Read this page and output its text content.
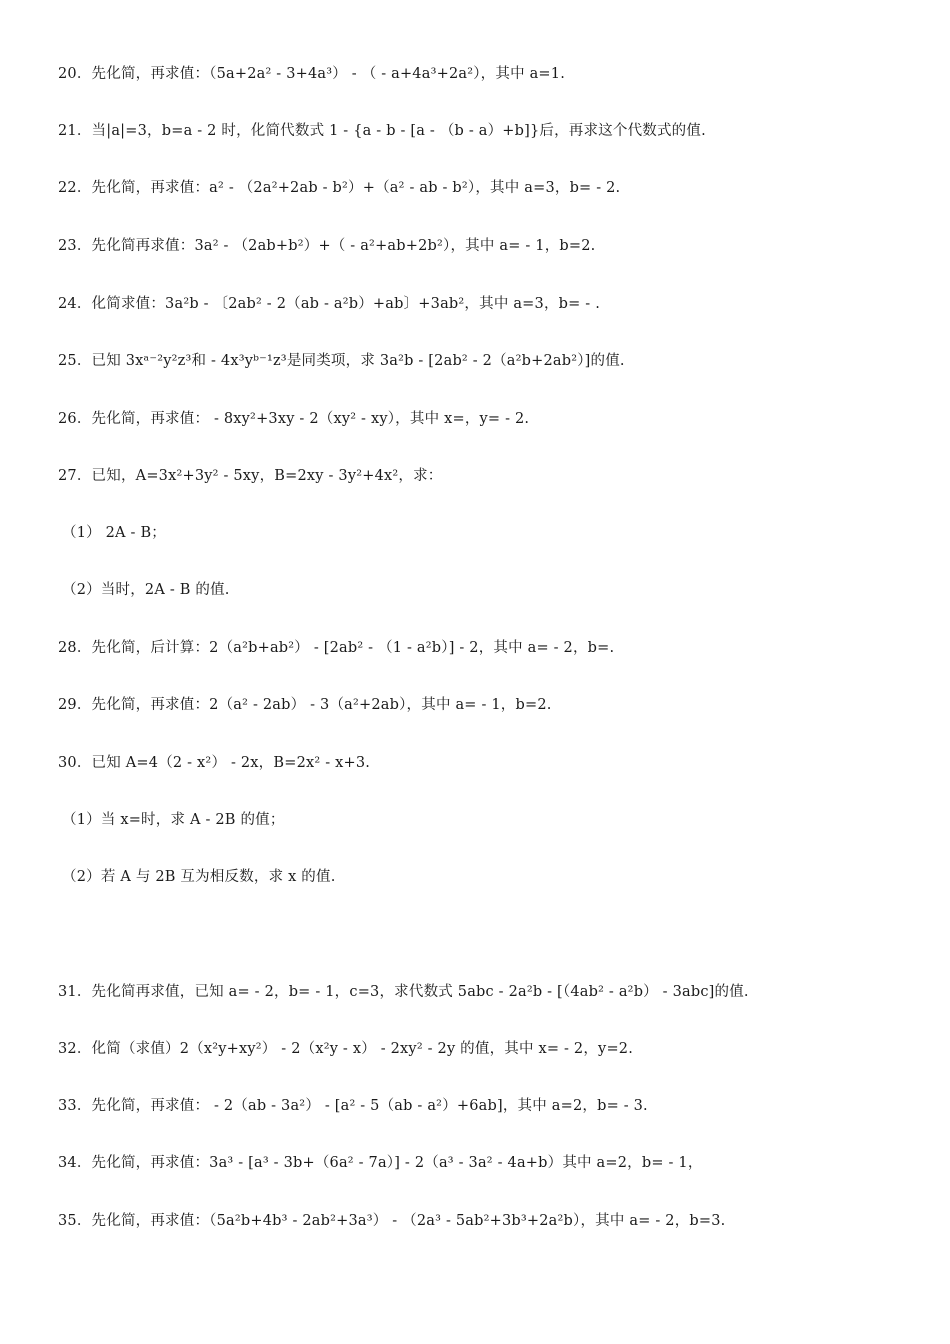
20．先化简，再求值：（5a+2a² - 3+4a³） - （ - a+4a³+2a²），其中 a=1.
21．当|a|=3，b=a - 2 时，化简代数式 1 - {a - b - [a - （b - a）+b]}后，再求这个代数式的值.
22．先化简，再求值：a² - （2a²+2ab - b²）+（a² - ab - b²），其中 a=3，b= - 2.
23．先化简再求值：3a² - （2ab+b²）+（ - a²+ab+2b²），其中 a= - 1，b=2.
24．化简求值：3a²b - 〔2ab² - 2（ab - a²b）+ab〕+3ab²，其中 a=3，b= - .
25．已知 3xᵃ⁻²y²z³和 - 4x³yᵇ⁻¹z³是同类项，求 3a²b - [2ab² - 2（a²b+2ab²）]的值.
26．先化简，再求值： - 8xy²+3xy - 2（xy² - xy），其中 x=，y= - 2.
27．已知，A=3x²+3y² - 5xy，B=2xy - 3y²+4x²，求：
（1） 2A - B；
（2）当时，2A - B 的值.
28．先化简，后计算：2（a²b+ab²） - [2ab² - （1 - a²b）] - 2，其中 a= - 2，b=.
29．先化简，再求值：2（a² - 2ab） - 3（a²+2ab），其中 a= - 1，b=2.
30．已知 A=4（2 - x²） - 2x，B=2x² - x+3.
（1）当 x=时，求 A - 2B 的值；
（2）若 A 与 2B 互为相反数，求 x 的值.
31．先化简再求值，已知 a= - 2，b= - 1，c=3，求代数式 5abc - 2a²b - [（4ab² - a²b） - 3abc]的值.
32．化简（求值）2（x²y+xy²） - 2（x²y - x） - 2xy² - 2y 的值，其中 x= - 2，y=2.
33．先化简，再求值： - 2（ab - 3a²） - [a² - 5（ab - a²）+6ab]，其中 a=2，b= - 3.
34．先化简，再求值：3a³ - [a³ - 3b+（6a² - 7a）] - 2（a³ - 3a² - 4a+b）其中 a=2，b= - 1，
35．先化简，再求值：（5a²b+4b³ - 2ab²+3a³） - （2a³ - 5ab²+3b³+2a²b），其中 a= - 2，b=3.
